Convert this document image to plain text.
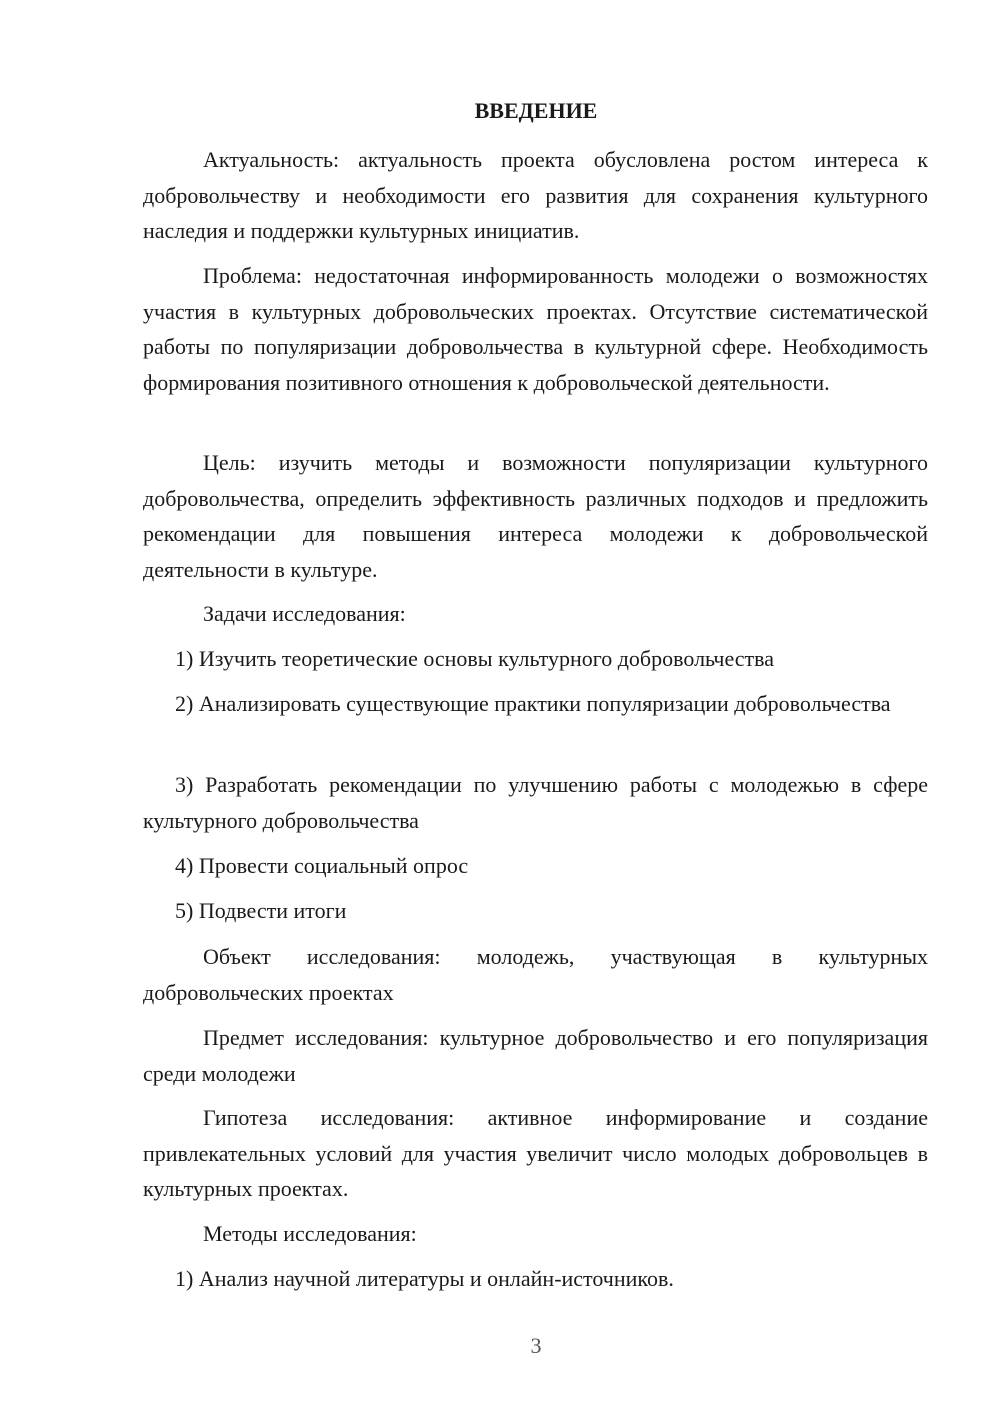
ВВЕДЕНИЕ

Актуальность: актуальность проекта обусловлена ростом интереса к добровольчеству и необходимости его развития для сохранения культурного наследия и поддержки культурных инициатив.

Проблема: недостаточная информированность молодежи о возможностях участия в культурных добровольческих проектах. Отсутствие систематической работы по популяризации добровольчества в культурной сфере. Необходимость формирования позитивного отношения к добровольческой деятельности.

Цель: изучить методы и возможности популяризации культурного добровольчества, определить эффективность различных подходов и предложить рекомендации для повышения интереса молодежи к добровольческой деятельности в культуре.

Задачи исследования:

1) Изучить теоретические основы культурного добровольчества

2) Анализировать существующие практики популяризации добровольчества

3) Разработать рекомендации по улучшению работы с молодежью в сфере культурного добровольчества

4) Провести социальный опрос

5) Подвести итоги

Объект исследования: молодежь, участвующая в культурных добровольческих проектах

Предмет исследования: культурное добровольчество и его популяризация среди молодежи

Гипотеза исследования: активное информирование и создание привлекательных условий для участия увеличит число молодых добровольцев в культурных проектах.

Методы исследования:

1) Анализ научной литературы и онлайн-источников.

3
